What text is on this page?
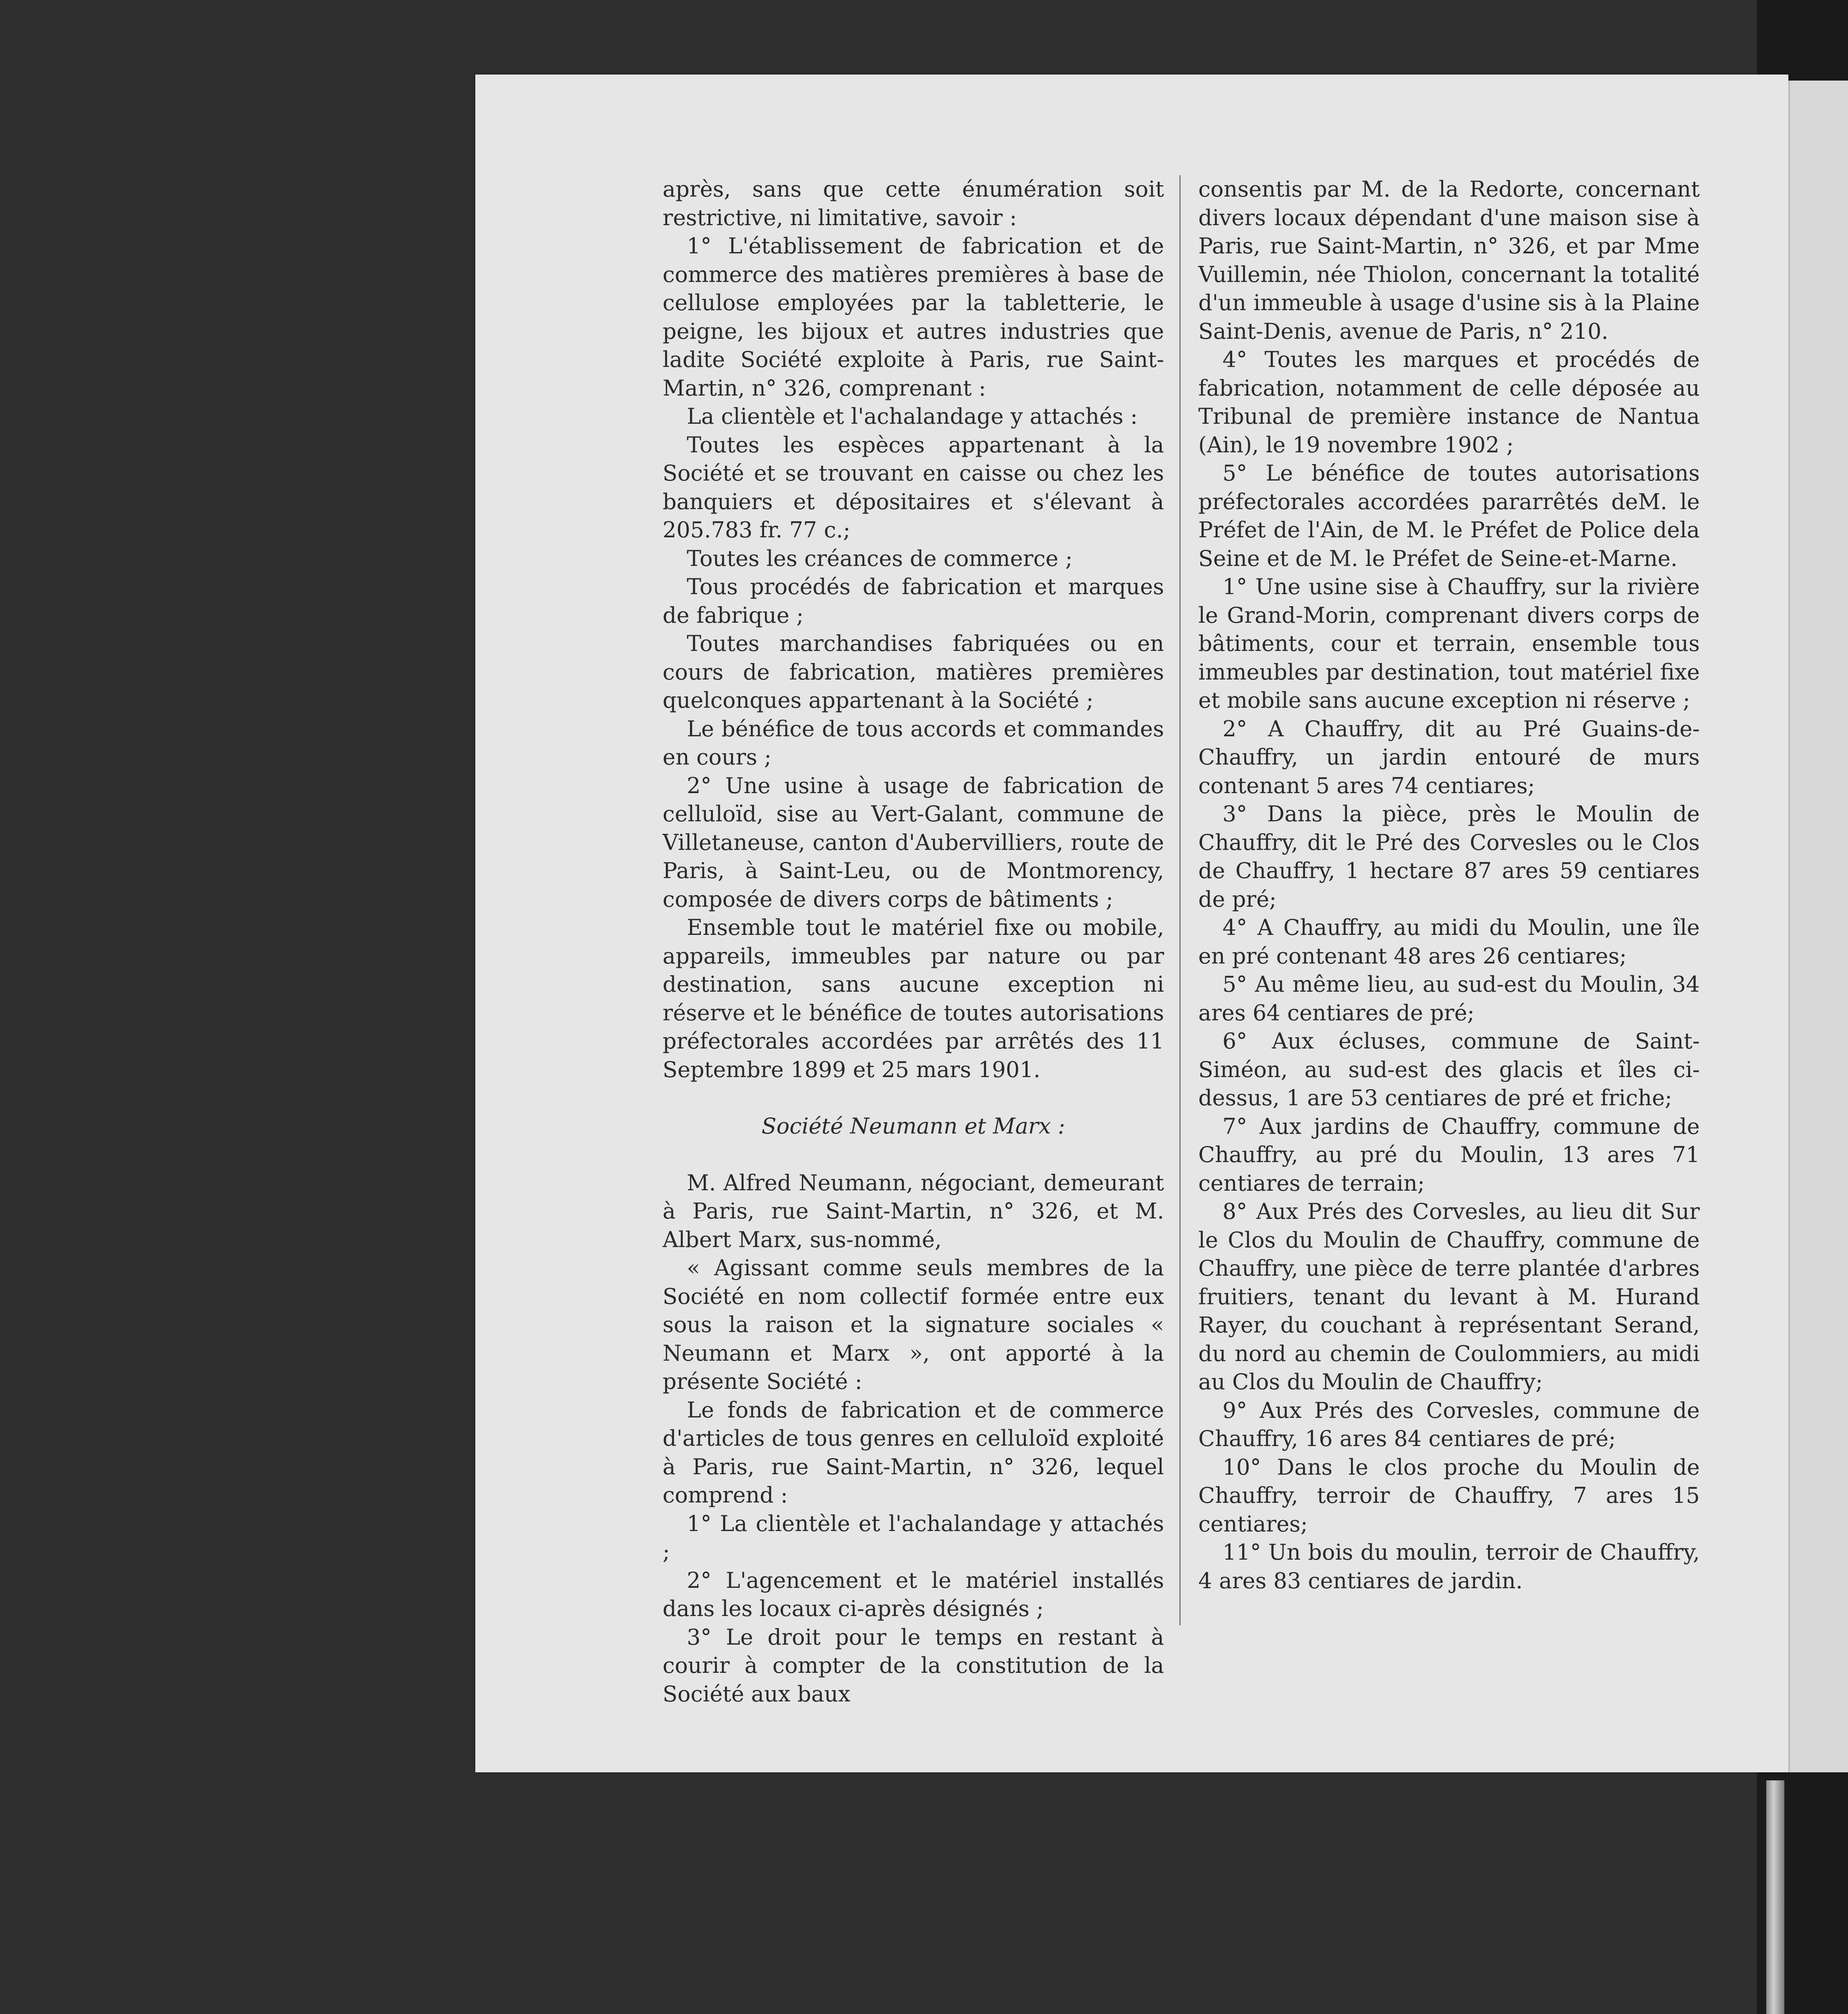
après, sans que cette énumération soit restrictive, ni limitative, savoir :

1° L'établissement de fabrication et de commerce des matières premières à base de cellulose employées par la tabletterie, le peigne, les bijoux et autres industries que ladite Société exploite à Paris, rue Saint-Martin, n° 326, comprenant :

La clientèle et l'achalandage y attachés :

Toutes les espèces appartenant à la Société et se trouvant en caisse ou chez les banquiers et dépositaires et s'élevant à 205.783 fr. 77 c.;

Toutes les créances de commerce ;

Tous procédés de fabrication et marques de fabrique ;

Toutes marchandises fabriquées ou en cours de fabrication, matières premières quelconques appartenant à la Société ;

Le bénéfice de tous accords et commandes en cours ;

2° Une usine à usage de fabrication de celluloïd, sise au Vert-Galant, commune de Villetaneuse, canton d'Aubervilliers, route de Paris, à Saint-Leu, ou de Montmorency, composée de divers corps de bâtiments ;

Ensemble tout le matériel fixe ou mobile, appareils, immeubles par nature ou par destination, sans aucune exception ni réserve et le bénéfice de toutes autorisations préfectorales accordées par arrêtés des 11 Septembre 1899 et 25 mars 1901.

Société Neumann et Marx :

M. Alfred Neumann, négociant, demeurant à Paris, rue Saint-Martin, n° 326, et M. Albert Marx, sus-nommé,

« Agissant comme seuls membres de la Société en nom collectif formée entre eux sous la raison et la signature sociales « Neumann et Marx », ont apporté à la présente Société :

Le fonds de fabrication et de commerce d'articles de tous genres en celluloïd exploité à Paris, rue Saint-Martin, n° 326, lequel comprend :

1° La clientèle et l'achalandage y attachés ;

2° L'agencement et le matériel installés dans les locaux ci-après désignés ;

3° Le droit pour le temps en restant à courir à compter de la constitution de la Société aux baux

consentis par M. de la Redorte, concernant divers locaux dépendant d'une maison sise à Paris, rue Saint-Martin, n° 326, et par Mme Vuillemin, née Thiolon, concernant la totalité d'un immeuble à usage d'usine sis à la Plaine Saint-Denis, avenue de Paris, n° 210.

4° Toutes les marques et procédés de fabrication, notamment de celle déposée au Tribunal de première instance de Nantua (Ain), le 19 novembre 1902 ;

5° Le bénéfice de toutes autorisations préfectorales accordées pararrêtés deM. le Préfet de l'Ain, de M. le Préfet de Police dela Seine et de M. le Préfet de Seine-et-Marne.

1° Une usine sise à Chauffry, sur la rivière le Grand-Morin, comprenant divers corps de bâtiments, cour et terrain, ensemble tous immeubles par destination, tout matériel fixe et mobile sans aucune exception ni réserve ;

2° A Chauffry, dit au Pré Guains-de-Chauffry, un jardin entouré de murs contenant 5 ares 74 centiares;

3° Dans la pièce, près le Moulin de Chauffry, dit le Pré des Corvesles ou le Clos de Chauffry, 1 hectare 87 ares 59 centiares de pré;

4° A Chauffry, au midi du Moulin, une île en pré contenant 48 ares 26 centiares;

5° Au même lieu, au sud-est du Moulin, 34 ares 64 centiares de pré;

6° Aux écluses, commune de Saint-Siméon, au sud-est des glacis et îles ci-dessus, 1 are 53 centiares de pré et friche;

7° Aux jardins de Chauffry, commune de Chauffry, au pré du Moulin, 13 ares 71 centiares de terrain;

8° Aux Prés des Corvesles, au lieu dit Sur le Clos du Moulin de Chauffry, commune de Chauffry, une pièce de terre plantée d'arbres fruitiers, tenant du levant à M. Hurand Rayer, du couchant à représentant Serand, du nord au chemin de Coulommiers, au midi au Clos du Moulin de Chauffry;

9° Aux Prés des Corvesles, commune de Chauffry, 16 ares 84 centiares de pré;

10° Dans le clos proche du Moulin de Chauffry, terroir de Chauffry, 7 ares 15 centiares;

11° Un bois du moulin, terroir de Chauffry, 4 ares 83 centiares de jardin.
